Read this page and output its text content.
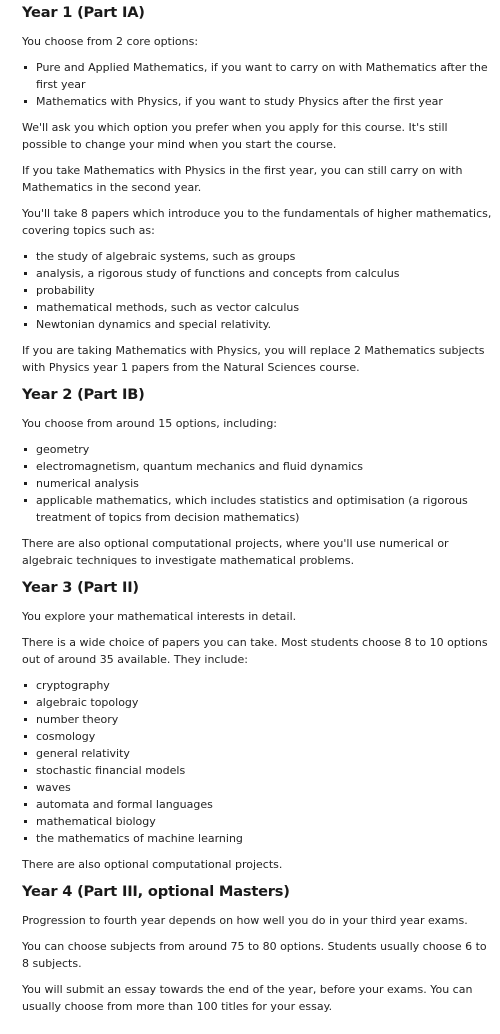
Year 1 (Part IA)

You choose from 2 core options:

Pure and Applied Mathematics, if you want to carry on with Mathematics after the first year
Mathematics with Physics, if you want to study Physics after the first year

We'll ask you which option you prefer when you apply for this course. It's still possible to change your mind when you start the course.

If you take Mathematics with Physics in the first year, you can still carry on with Mathematics in the second year.

You'll take 8 papers which introduce you to the fundamentals of higher mathematics, covering topics such as:

the study of algebraic systems, such as groups
analysis, a rigorous study of functions and concepts from calculus
probability
mathematical methods, such as vector calculus
Newtonian dynamics and special relativity.

If you are taking Mathematics with Physics, you will replace 2 Mathematics subjects with Physics year 1 papers from the Natural Sciences course.

Year 2 (Part IB)

You choose from around 15 options, including:

geometry
electromagnetism, quantum mechanics and fluid dynamics
numerical analysis
applicable mathematics, which includes statistics and optimisation (a rigorous treatment of topics from decision mathematics)

There are also optional computational projects, where you'll use numerical or algebraic techniques to investigate mathematical problems.

Year 3 (Part II)

You explore your mathematical interests in detail.

There is a wide choice of papers you can take. Most students choose 8 to 10 options out of around 35 available. They include:

cryptography
algebraic topology
number theory
cosmology
general relativity
stochastic financial models
waves
automata and formal languages
mathematical biology
the mathematics of machine learning

There are also optional computational projects.

Year 4 (Part III, optional Masters)

Progression to fourth year depends on how well you do in your third year exams.

You can choose subjects from around 75 to 80 options. Students usually choose 6 to 8 subjects.

You will submit an essay towards the end of the year, before your exams. You can usually choose from more than 100 titles for your essay.
